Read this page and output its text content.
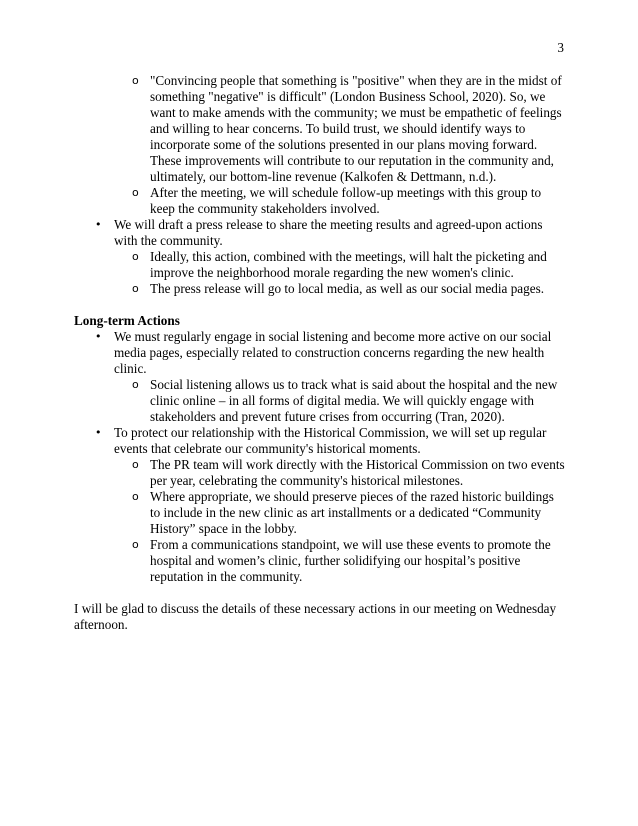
3
o "Convincing people that something is "positive" when they are in the midst of something "negative" is difficult" (London Business School, 2020). So, we want to make amends with the community; we must be empathetic of feelings and willing to hear concerns. To build trust, we should identify ways to incorporate some of the solutions presented in our plans moving forward. These improvements will contribute to our reputation in the community and, ultimately, our bottom-line revenue (Kalkofen & Dettmann, n.d.).
o After the meeting, we will schedule follow-up meetings with this group to keep the community stakeholders involved.
• We will draft a press release to share the meeting results and agreed-upon actions with the community.
o Ideally, this action, combined with the meetings, will halt the picketing and improve the neighborhood morale regarding the new women's clinic.
o The press release will go to local media, as well as our social media pages.
Long-term Actions
• We must regularly engage in social listening and become more active on our social media pages, especially related to construction concerns regarding the new health clinic.
o Social listening allows us to track what is said about the hospital and the new clinic online – in all forms of digital media. We will quickly engage with stakeholders and prevent future crises from occurring (Tran, 2020).
• To protect our relationship with the Historical Commission, we will set up regular events that celebrate our community's historical moments.
o The PR team will work directly with the Historical Commission on two events per year, celebrating the community's historical milestones.
o Where appropriate, we should preserve pieces of the razed historic buildings to include in the new clinic as art installments or a dedicated “Community History” space in the lobby.
o From a communications standpoint, we will use these events to promote the hospital and women’s clinic, further solidifying our hospital’s positive reputation in the community.
I will be glad to discuss the details of these necessary actions in our meeting on Wednesday afternoon.
